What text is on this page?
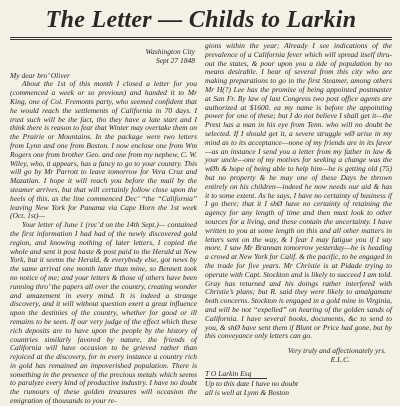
The Letter — Childs to Larkin
Washington City
Sept 27 1848
My dear bro’ Oliver

About the 1st of this month I closed a letter for you (commenced a week or so previous) and handed it to Mr King, one of Col. Fremonts party, who seemed confident that he would reach the settlements of California in 70 days. I trust such will be the fact, tho they have a late start and I think there is reason to fear that Winter may overtake them on the Prairie or Mountains. In the package were two letters from Lynn and one from Boston. I now enclose one from Wm Rogers one from brother Geo. and one from my nephew, C. W. Wiley, who, it appears, has a fancy to go to your country. This will go by Mr Parrott to leave tomorrow for Vera Cruz and Mazatlan. I hope it will reach you before the mail by the steamer arrives, but that will certainly follow close upon the heels of this, as the line commenced Dec’ “the “California” leaving New York for Panama via Cape Horn the 1st week (Oct. 1st)—

Your letter of June 1 (rec’d on the 14th Sept.)— contained the first information I had had of the newly discovered gold region, and knowing nothing of later letters, I copied the whole and sent it post haste & post paid to the Herald at New York, but it seems the Herald, & everybody else, got news by the same arrival one month later than mine, so Bennett took no notice of me; and your letters & those of others have been running thro’ the papers all over the country, creating wonder and amazement in every mind. It is indeed a strange discovery, and it will without question exert a great influence upon the destinies of the country, whether for good or ill remains to be seen. If our very judge of the effect which these rich deposits are to have upon the people by the history of countries similarly favored by nature, the friends of California will have occasion to be grieved rather than rejoiced at the discovery, for in every instance a country rich in gold has remained an impoverished population. There is something in the presence of the precious metals which seems to paralyze every kind of productive industry. I have no doubt the rumours of these golden treasures will occasion the emigration of thousands to your re-

gions within the year; Already I see indications of the prevalence of a California fever which will spread itself thru-out the states, & pour upon you a tide of population by no means desirable. I hear of several from this city who are making preparations to go in the first Steamer, among others Mr H(?) Lee has the promise of being appointed postmaster at San Fr. By law of last Congress two post office agents are authorized at $1600. ea my name is before the appointing power for one of these; but I do not believe I shall get it—the Prest has a man in his eye from Tenn. who will no doubt be selected. If I should get it, a severe struggle wØ arise in my mind as to its acceptance—none of my friends are in its favor—as an instance I send you a letter from my father in law & your uncle—one of my motives for seeking a change was the wØh & hope of being able to help him—he is getting old (75) but no property & he may one of these Days be thrown entirely on his children—indeed he now needs our aid & has it to some extent. As he says, I have no certainty of business if I go there; that it I shØ have no certainty of retaining the agency for any length of time and then must look to other sources for a living, and these contain the uncertainty. I have written to you at some length on this and all other matters in letters sent on the way, & I fear I may fatigue you if I say more. I saw Mr Brannan tomorrow yesterday—he is heading a crowd at New York for Calif. & the pacific, to be engaged in the trade for five years. Mr Christie is at Pidade trying to operate with Capt. Stockton and is likely to succeed I am told. Gray has returned and his doings rather interfered with Christie’s plans; but R. said they were likely to amalgamate both concerns. Stockton is engaged in a gold mine in Virginia, and will be not “expelled” on hearing of the golden sands of California. I have several books, documents, &c to send to you, & shØ have sent them if Blunt or Price had gone, but by this conveyance only letters can go.

Very truly and affectionately yrs.
E.L.C.
T O Larkin Esq
Up to this date I have no doubt
all is well at Lynn & Boston
